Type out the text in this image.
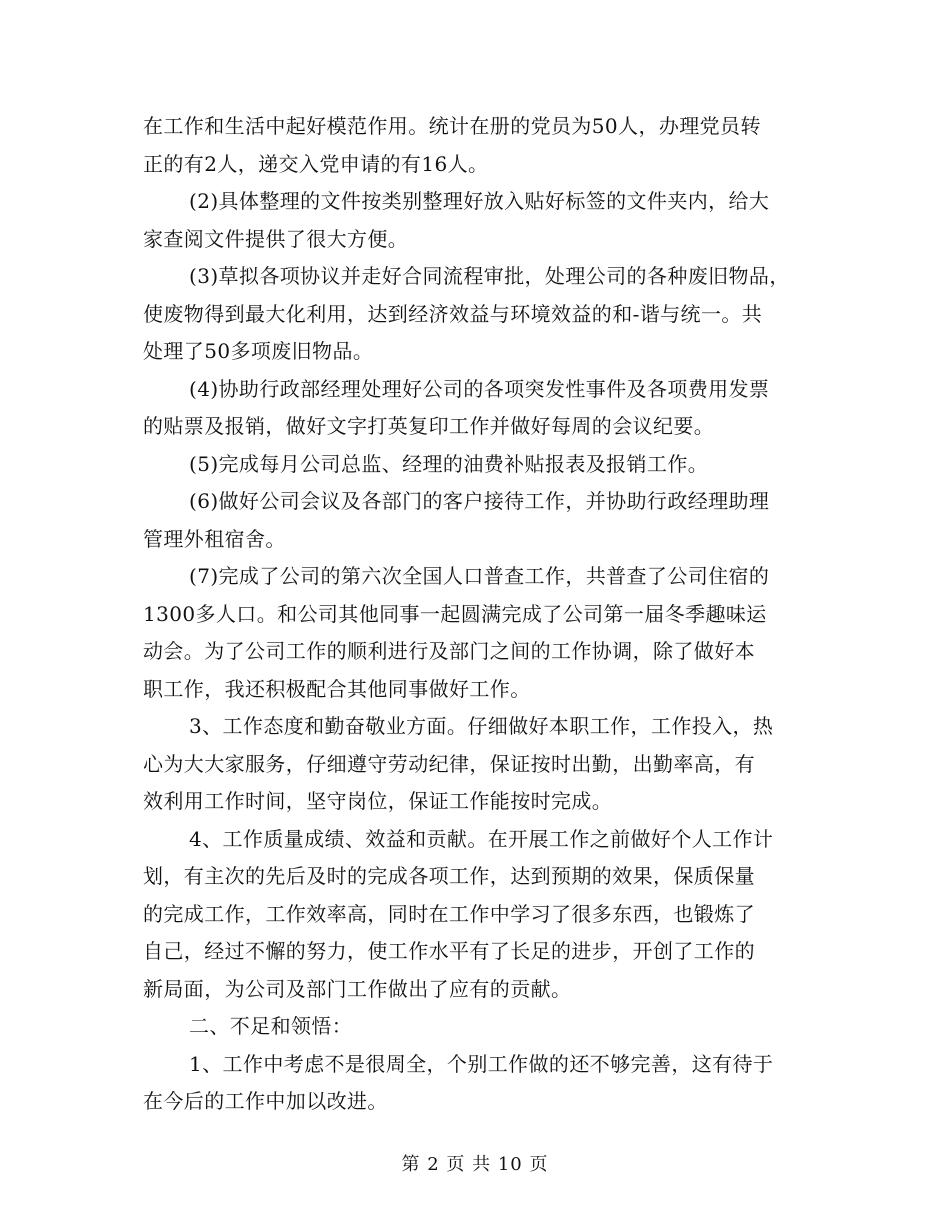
在工作和生活中起好模范作用。统计在册的党员为50人，办理党员转
正的有2人，递交入党申请的有16人。
(2)具体整理的文件按类别整理好放入贴好标签的文件夹内，给大
家查阅文件提供了很大方便。
(3)草拟各项协议并走好合同流程审批，处理公司的各种废旧物品，
使废物得到最大化利用，达到经济效益与环境效益的和-谐与统一。共
处理了50多项废旧物品。
(4)协助行政部经理处理好公司的各项突发性事件及各项费用发票
的贴票及报销，做好文字打英复印工作并做好每周的会议纪要。
(5)完成每月公司总监、经理的油费补贴报表及报销工作。
(6)做好公司会议及各部门的客户接待工作，并协助行政经理助理
管理外租宿舍。
(7)完成了公司的第六次全国人口普查工作，共普查了公司住宿的
1300多人口。和公司其他同事一起圆满完成了公司第一届冬季趣味运
动会。为了公司工作的顺利进行及部门之间的工作协调，除了做好本
职工作，我还积极配合其他同事做好工作。
3、工作态度和勤奋敬业方面。仔细做好本职工作，工作投入，热
心为大大家服务，仔细遵守劳动纪律，保证按时出勤，出勤率高，有
效利用工作时间，坚守岗位，保证工作能按时完成。
4、工作质量成绩、效益和贡献。在开展工作之前做好个人工作计
划，有主次的先后及时的完成各项工作，达到预期的效果，保质保量
的完成工作，工作效率高，同时在工作中学习了很多东西，也锻炼了
自己，经过不懈的努力，使工作水平有了长足的进步，开创了工作的
新局面，为公司及部门工作做出了应有的贡献。
二、不足和领悟：
1、工作中考虑不是很周全，个别工作做的还不够完善，这有待于
在今后的工作中加以改进。
第 2 页 共 10 页
